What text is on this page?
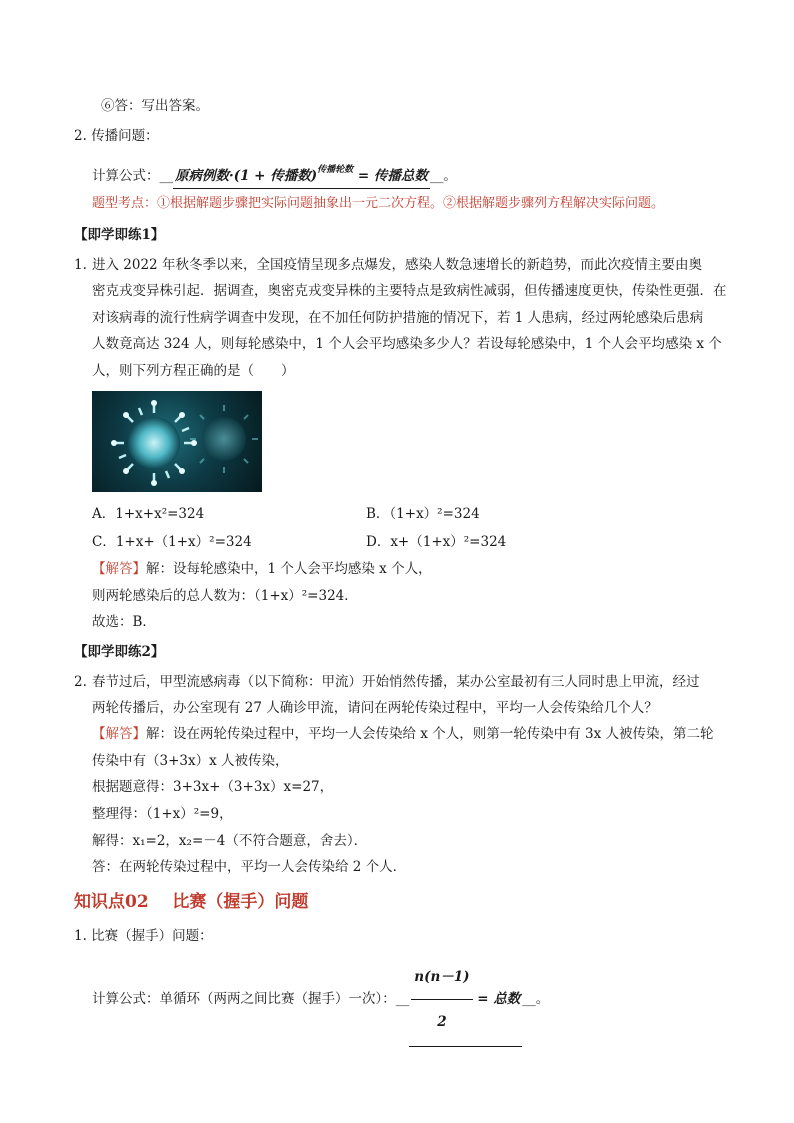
⑥答：写出答案。
2. 传播问题：
计算公式：__ 原病例数·(1 + 传播数)$^{传播轮数}$ = 传播总数 __。
题型考点：①根据解题步骤把实际问题抽象出一元二次方程。②根据解题步骤列方程解决实际问题。
【即学即练1】
1. 进入 2022 年秋冬季以来，全国疫情呈现多点爆发，感染人数急速增长的新趋势，而此次疫情主要由奥
密克戎变异株引起．据调查，奥密克戎变异株的主要特点是致病性减弱，但传播速度更快，传染性更强．在
对该病毒的流行性病学调查中发现，在不加任何防护措施的情况下，若 1 人患病，经过两轮感染后患病
人数竟高达 324 人，则每轮感染中，1 个人会平均感染多少人？若设每轮感染中，1 个人会平均感染 x 个
人，则下列方程正确的是（　　）
A．1+x+x²=324	B．（1+x）²=324
C．1+x+（1+x）²=324	D．x+（1+x）²=324
【解答】解：设每轮感染中，1 个人会平均感染 x 个人，
则两轮感染后的总人数为：（1+x）²=324．
故选：B．
【即学即练2】
2. 春节过后，甲型流感病毒（以下简称：甲流）开始悄然传播，某办公室最初有三人同时患上甲流，经过
两轮传播后，办公室现有 27 人确诊甲流，请问在两轮传染过程中，平均一人会传染给几个人？
【解答】解：设在两轮传染过程中，平均一人会传染给 x 个人，则第一轮传染中有 3x 人被传染，第二轮
传染中有（3+3x）x 人被传染，
根据题意得：3+3x+（3+3x）x=27，
整理得：（1+x）²=9，
解得：x₁=2，x₂=－4（不符合题意，舍去）．
答：在两轮传染过程中，平均一人会传染给 2 个人．
知识点02 比赛（握手）问题
1. 比赛（握手）问题：
计算公式：单循环（两两之间比赛（握手）一次）：__ $\frac{n(n-1)}{2}$ = 总数 __。
